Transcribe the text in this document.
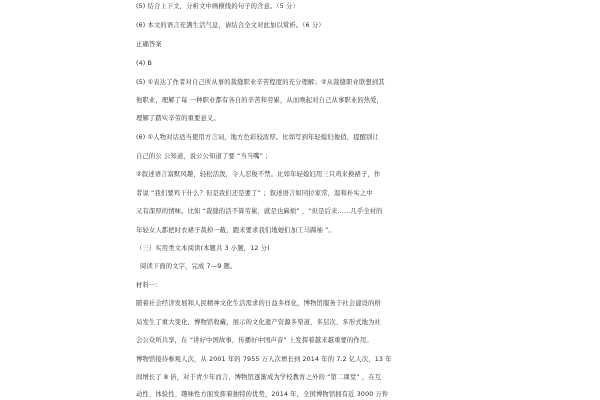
(5) 结合上下⽂，分析⽂中画横线的句⼦的含意。（5 分）
(6) 本⽂的语⾔充满⽣活⽓息，请结合全⽂对此加以赏析。（6 分）
正确答案
(4) B
(5) ①表达了作者对⾃⼰所从事的裁缝职业辛苦程度的充分理解；②从裁缝职业联想到其
他职业，理解了每 ⼀种职业都有各⾃的辛苦和劳累，从⽽唤起对⾃⼰从事职业的热爱，
理解了踏实辛劳的重要意义。
(6) ①⼈物对话适当使⽤⽅⾔词，地⽅⾊彩较浓厚。⽐如写到年轻媳妇俊俏，提醒别让
⾃⼰的公 公知道，说公公知道了要 “当当嘴” ;
②叙述语⾔富默⻛趣，轻松活泼，令⼈忍俊不禁。⽐如年轻媳妇⽤三只鸡来换裙⼦，作
者说 “我们要鸡⼲什么？但是我们还是要了” ；叙述语⾔如同拉家常，温和朴实之中
⼜有深厚的情味。⽐如 “裁缝的活不算劳累，就是也麻烦” ，“但是后来……⼏乎全村的
年轻⼥⼈都把时⾐裙⼦裁掉⼀截，跑来要求我们地她们加⼯⻢蹄袖 ”。
（三）实⽤类⽂本阅读(本题共 3 ⼩题，12 分)
阅读下⾯的⽂字，完成 7—9 题。
材料⼀：
随着社会经济发展和⼈⺠精神⽂化⽣活需求的⽇益多样化，博物馆服务于社会建设的格
局发⽣了重⼤变化，博物馆收藏，展示的⽂化遗产资源多渠道、多层次、多形式地为社
会公众所共享，在 “讲好中国故事，传播好中国声⾳” 上发挥着越来越重要的作⽤。
博物馆接待参观⼈次，从 2001 年的 7955 万⼈次增⻓到 2014 年的 7.2 亿⼈次，13 年
间增⻓了 8 倍，对于⻘少年⽽⾔，博物馆逐渐成为学校教育之外的 “第⼆课堂” ，在互
动性、体验性、趣味性⽅⾯发挥着独特的优势，2014 年，全国博物馆拥有近 3000 万件
